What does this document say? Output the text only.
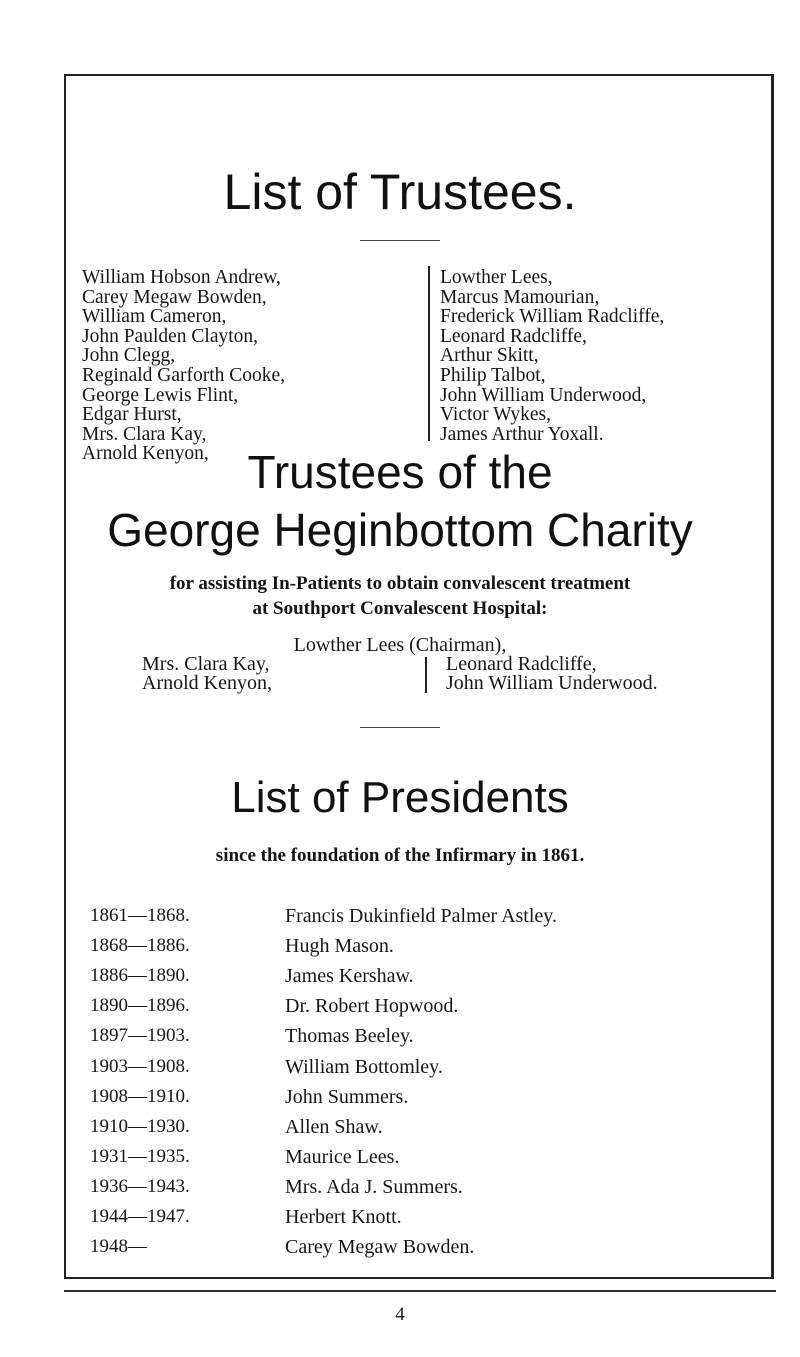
List of Trustees.
William Hobson Andrew,
Carey Megaw Bowden,
William Cameron,
John Paulden Clayton,
John Clegg,
Reginald Garforth Cooke,
George Lewis Flint,
Edgar Hurst,
Mrs. Clara Kay,
Arnold Kenyon,
Lowther Lees,
Marcus Mamourian,
Frederick William Radcliffe,
Leonard Radcliffe,
Arthur Skitt,
Philip Talbot,
John William Underwood,
Victor Wykes,
James Arthur Yoxall.
Trustees of the
George Heginbottom Charity

for assisting In-Patients to obtain convalescent treatment

at Southport Convalescent Hospital:

Lowther Lees (Chairman),
Mrs. Clara Kay,
Arnold Kenyon,
Leonard Radcliffe,
John William Underwood.
List of Presidents

since the foundation of the Infirmary in 1861.

1861—1868.	Francis Dukinfield Palmer Astley.
1868—1886.	Hugh Mason.
1886—1890.	James Kershaw.
1890—1896.	Dr. Robert Hopwood.
1897—1903.	Thomas Beeley.
1903—1908.	William Bottomley.
1908—1910.	John Summers.
1910—1930.	Allen Shaw.
1931—1935.	Maurice Lees.
1936—1943.	Mrs. Ada J. Summers.
1944—1947.	Herbert Knott.
1948—	Carey Megaw Bowden.
4
